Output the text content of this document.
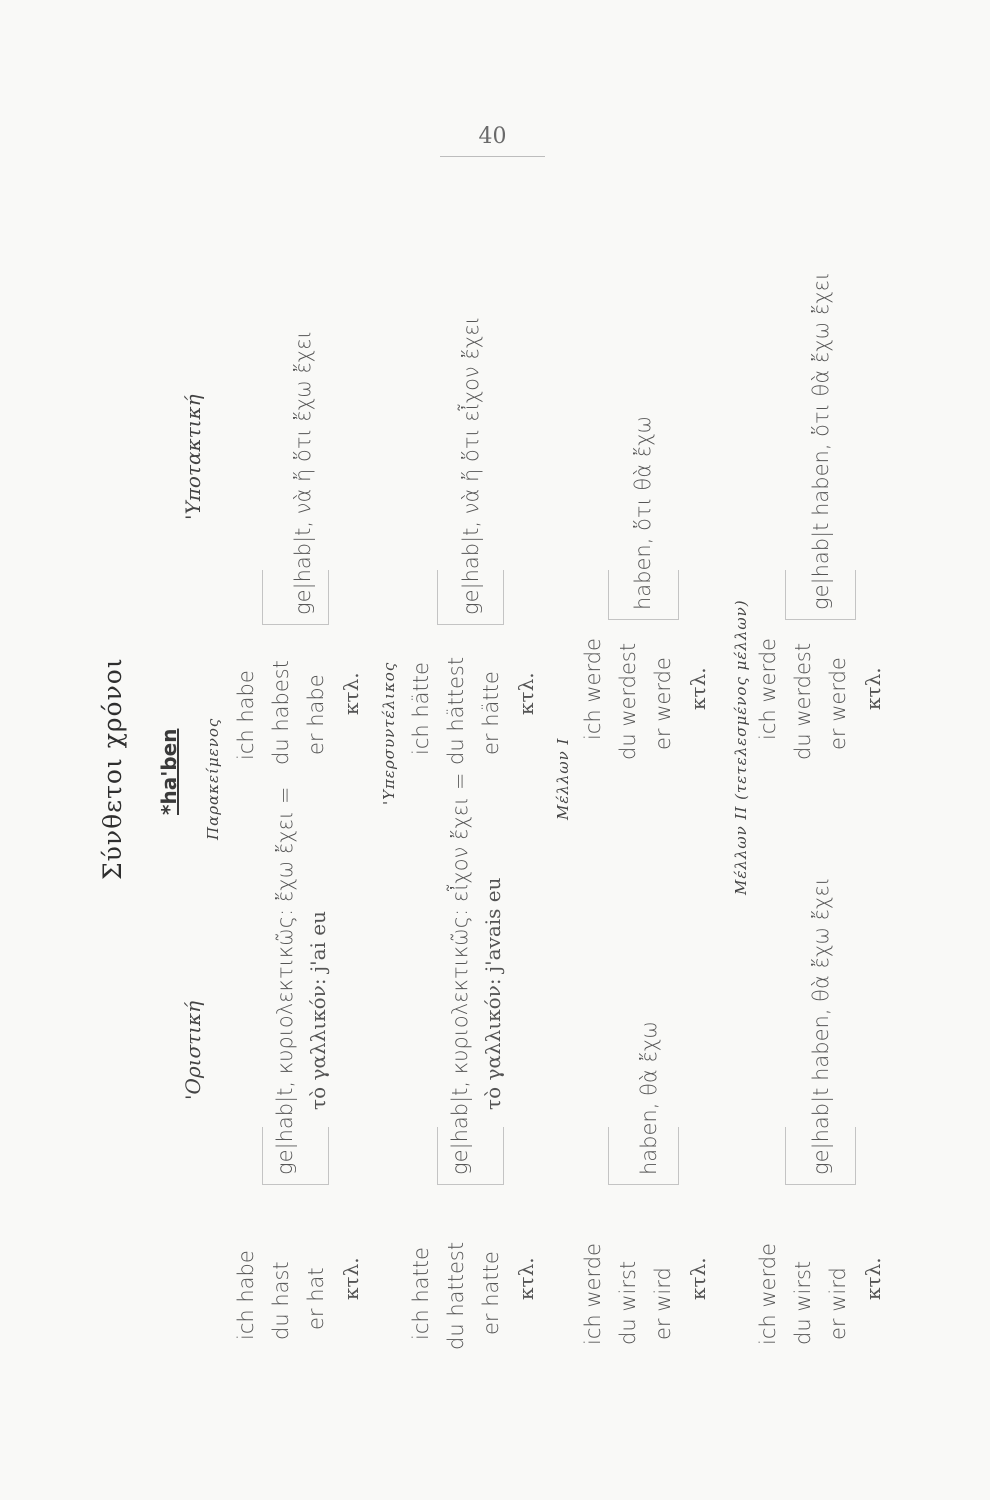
40
Σύνθετοι χρόνοι *ha'ben
'Οριστική
'Υποτακτική
Παρακείμενος
ich habe du hast er hat κτλ.
ge|hab|t, κυριολεκτικῶς: ἔχω ἔχει = τὸ γαλλικόν: j'ai eu
ich habe du habest er habe κτλ.
ge|hab|t, νὰ ἤ ὅτι ἔχω ἔχει
'Υπερσυντέλικος
ich hatte du hattest er hatte κτλ.
ge|hab|t, κυριολεκτικῶς: εἶχον ἔχει = τὸ γαλλικόν: j'avais eu
ich hätte du hättest er hätte κτλ.
ge|hab|t, νὰ ἤ ὅτι εἶχον ἔχει
Μέλλων I
ich werde du wirst er wird κτλ.
haben, θὰ ἔχω
ich werde du werdest er werde κτλ.
haben, ὅτι θὰ ἔχω
Μέλλων II (τετελεσμένος μέλλων)
ich werde du wirst er wird κτλ.
ge|hab|t haben, θὰ ἔχω ἔχει
ich werde du werdest er werde κτλ.
ge|hab|t haben, ὅτι θὰ ἔχω ἔχει
